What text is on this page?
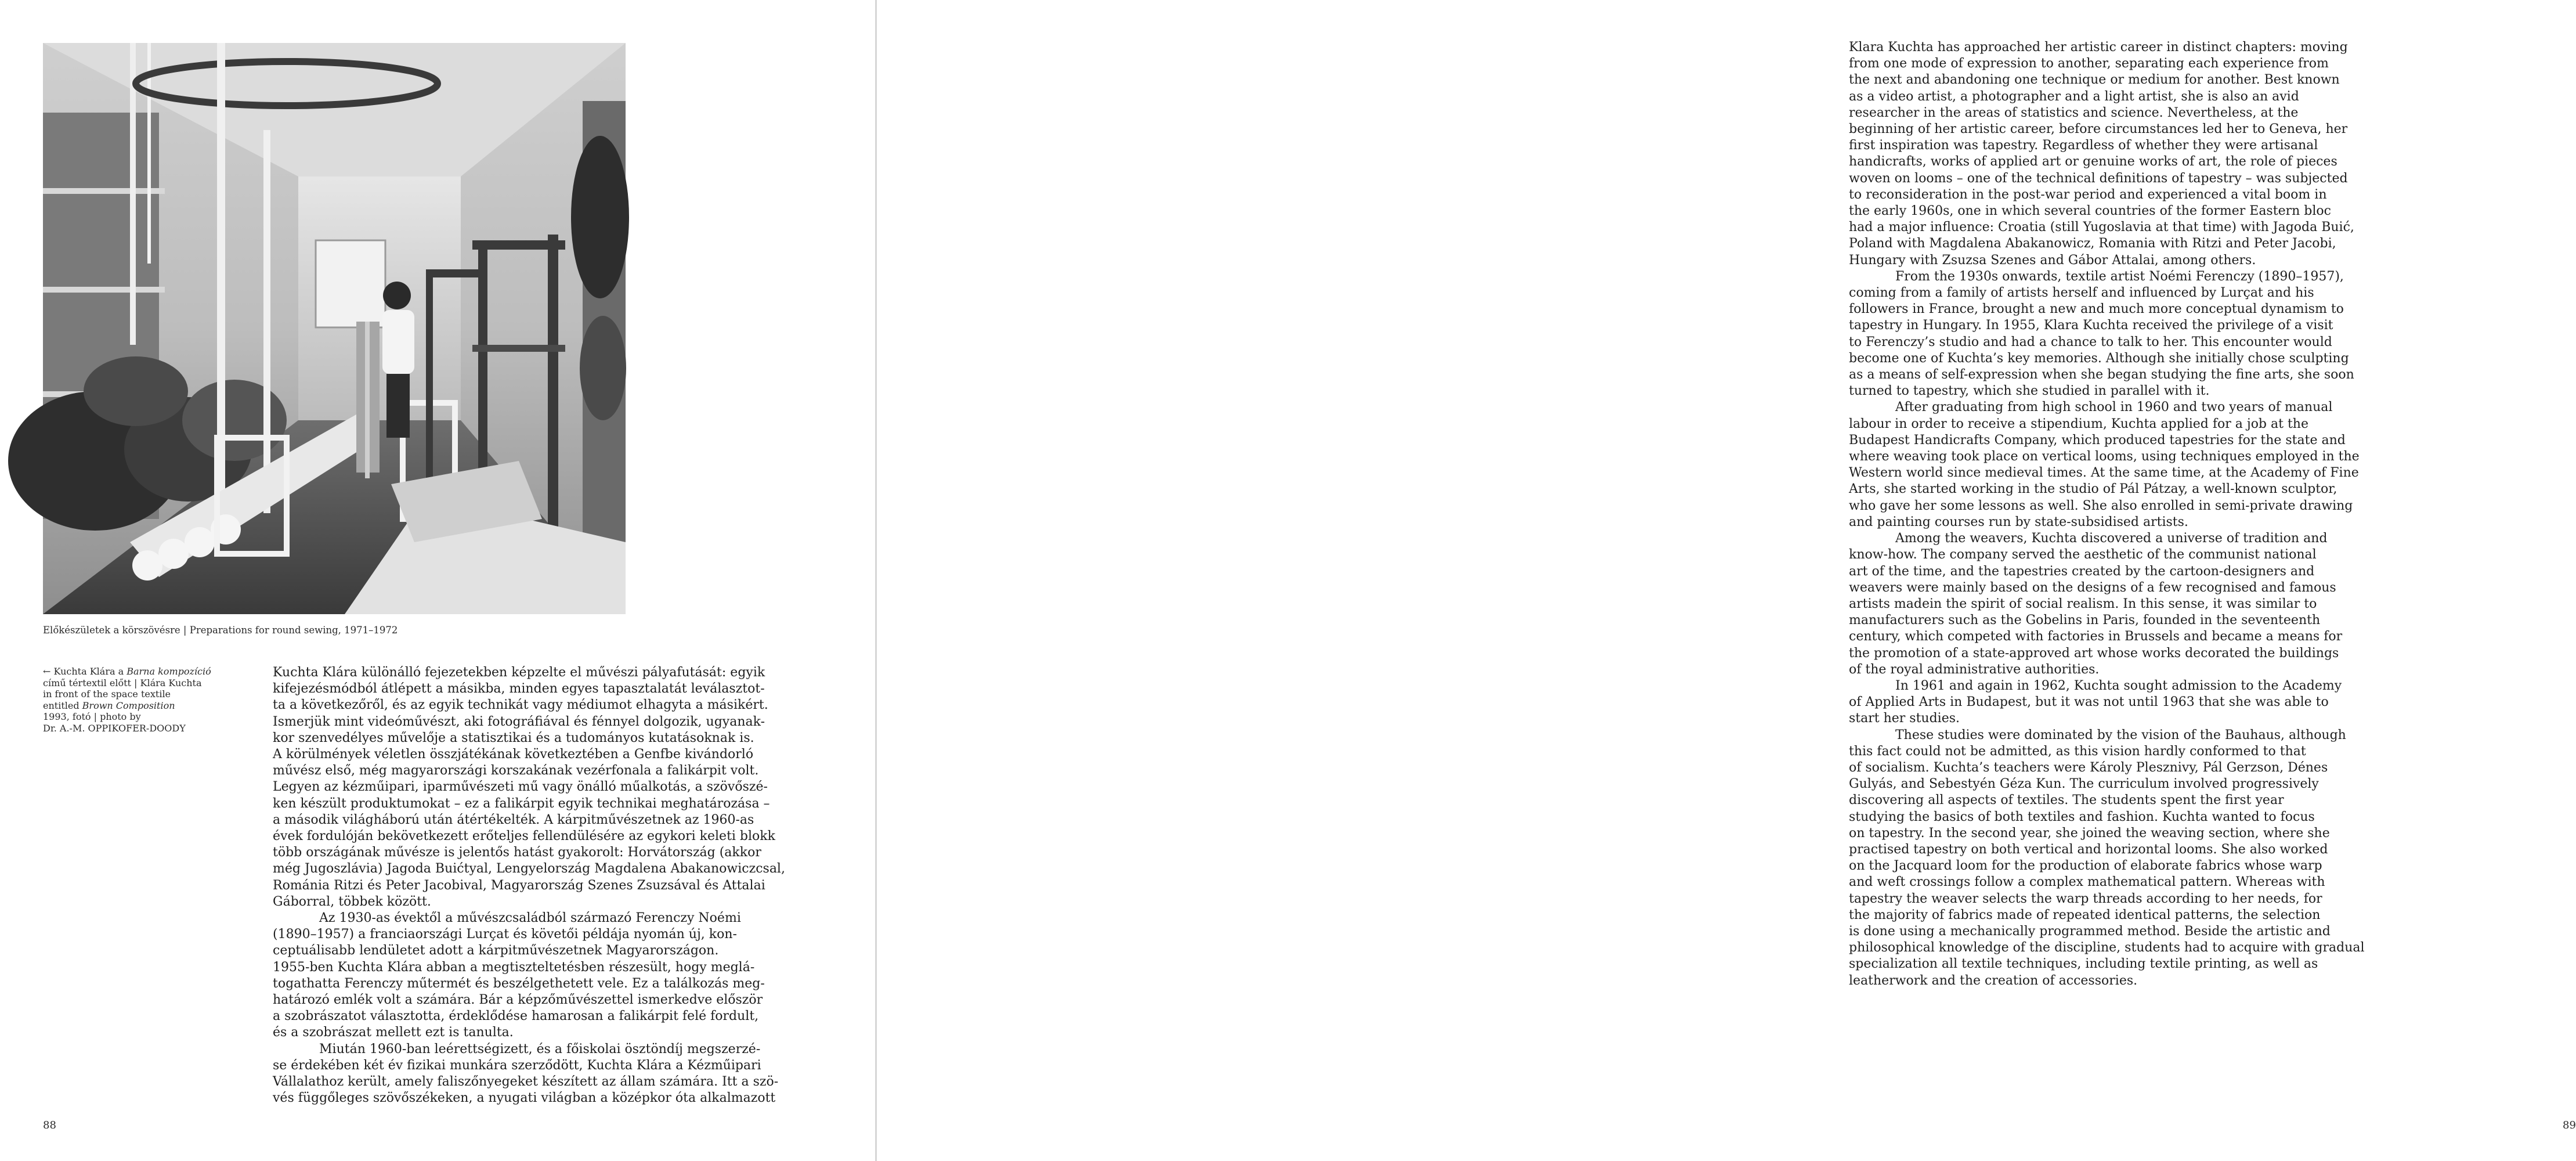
Előkészületek a körszövésre | Preparations for round sewing, 1971–1972
← Kuchta Klára a Barna kompozíció
című tértextil előtt | Klára Kuchta
in front of the space textile
entitled Brown Composition
1993, fotó | photo by
Dr. A.-M. OPPIKOFER-DOODY
Kuchta Klára különálló fejezetekben képzelte el művészi pályafutását: egyik
kifejezésmódból átlépett a másikba, minden egyes tapasztalatát leválasztot-
ta a következőről, és az egyik technikát vagy médiumot elhagyta a másikért.
Ismerjük mint videóművészt, aki fotográfiával és fénnyel dolgozik, ugyanak-
kor szenvedélyes művelője a statisztikai és a tudományos kutatásoknak is.
A körülmények véletlen összjátékának következtében a Genfbe kivándorló
művész első, még magyarországi korszakának vezérfonala a falikárpit volt.
Legyen az kézműipari, iparművészeti mű vagy önálló műalkotás, a szövőszé-
ken készült produktumokat – ez a falikárpit egyik technikai meghatározása –
a második világháború után átértékelték. A kárpitművészetnek az 1960-as
évek fordulóján bekövetkezett erőteljes fellendülésére az egykori keleti blokk
több országának művésze is jelentős hatást gyakorolt: Horvátország (akkor
még Jugoszlávia) Jagoda Buićtyal, Lengyelország Magdalena Abakanowiczcsal,
Románia Ritzi és Peter Jacobival, Magyarország Szenes Zsuzsával és Attalai
Gáborral, többek között.
Az 1930-as évektől a művészcsaládból származó Ferenczy Noémi
(1890–1957) a franciaországi Lurçat és követői példája nyomán új, kon-
ceptuálisabb lendületet adott a kárpitművészetnek Magyarországon.
1955-ben Kuchta Klára abban a megtiszteltetésben részesült, hogy meglá-
togathatta Ferenczy műtermét és beszélgethetett vele. Ez a találkozás meg-
határozó emlék volt a számára. Bár a képzőművészettel ismerkedve először
a szobrászatot választotta, érdeklődése hamarosan a falikárpit felé fordult,
és a szobrászat mellett ezt is tanulta.
Miután 1960-ban leérettségizett, és a főiskolai ösztöndíj megszerzé-
se érdekében két év fizikai munkára szerződött, Kuchta Klára a Kézműipari
Vállalathoz került, amely faliszőnyegeket készített az állam számára. Itt a szö-
vés függőleges szövőszékeken, a nyugati világban a középkor óta alkalmazott
88
Klara Kuchta has approached her artistic career in distinct chapters: moving
from one mode of expression to another, separating each experience from
the next and abandoning one technique or medium for another. Best known
as a video artist, a photographer and a light artist, she is also an avid
researcher in the areas of statistics and science. Nevertheless, at the
beginning of her artistic career, before circumstances led her to Geneva, her
first inspiration was tapestry. Regardless of whether they were artisanal
handicrafts, works of applied art or genuine works of art, the role of pieces
woven on looms – one of the technical definitions of tapestry – was subjected
to reconsideration in the post-war period and experienced a vital boom in
the early 1960s, one in which several countries of the former Eastern bloc
had a major influence: Croatia (still Yugoslavia at that time) with Jagoda Buić,
Poland with Magdalena Abakanowicz, Romania with Ritzi and Peter Jacobi,
Hungary with Zsuzsa Szenes and Gábor Attalai, among others.
From the 1930s onwards, textile artist Noémi Ferenczy (1890–1957),
coming from a family of artists herself and influenced by Lurçat and his
followers in France, brought a new and much more conceptual dynamism to
tapestry in Hungary. In 1955, Klara Kuchta received the privilege of a visit
to Ferenczy’s studio and had a chance to talk to her. This encounter would
become one of Kuchta’s key memories. Although she initially chose sculpting
as a means of self-expression when she began studying the fine arts, she soon
turned to tapestry, which she studied in parallel with it.
After graduating from high school in 1960 and two years of manual
labour in order to receive a stipendium, Kuchta applied for a job at the
Budapest Handicrafts Company, which produced tapestries for the state and
where weaving took place on vertical looms, using techniques employed in the
Western world since medieval times. At the same time, at the Academy of Fine
Arts, she started working in the studio of Pál Pátzay, a well-known sculptor,
who gave her some lessons as well. She also enrolled in semi-private drawing
and painting courses run by state-subsidised artists.
Among the weavers, Kuchta discovered a universe of tradition and
know-how. The company served the aesthetic of the communist national
art of the time, and the tapestries created by the cartoon-designers and
weavers were mainly based on the designs of a few recognised and famous
artists madein the spirit of social realism. In this sense, it was similar to
manufacturers such as the Gobelins in Paris, founded in the seventeenth
century, which competed with factories in Brussels and became a means for
the promotion of a state-approved art whose works decorated the buildings
of the royal administrative authorities.
In 1961 and again in 1962, Kuchta sought admission to the Academy
of Applied Arts in Budapest, but it was not until 1963 that she was able to
start her studies.
These studies were dominated by the vision of the Bauhaus, although
this fact could not be admitted, as this vision hardly conformed to that
of socialism. Kuchta’s teachers were Károly Plesznivy, Pál Gerzson, Dénes
Gulyás, and Sebestyén Géza Kun. The curriculum involved progressively
discovering all aspects of textiles. The students spent the first year
studying the basics of both textiles and fashion. Kuchta wanted to focus
on tapestry. In the second year, she joined the weaving section, where she
practised tapestry on both vertical and horizontal looms. She also worked
on the Jacquard loom for the production of elaborate fabrics whose warp
and weft crossings follow a complex mathematical pattern. Whereas with
tapestry the weaver selects the warp threads according to her needs, for
the majority of fabrics made of repeated identical patterns, the selection
is done using a mechanically programmed method. Beside the artistic and
philosophical knowledge of the discipline, students had to acquire with gradual
specialization all textile techniques, including textile printing, as well as
leatherwork and the creation of accessories.
89
